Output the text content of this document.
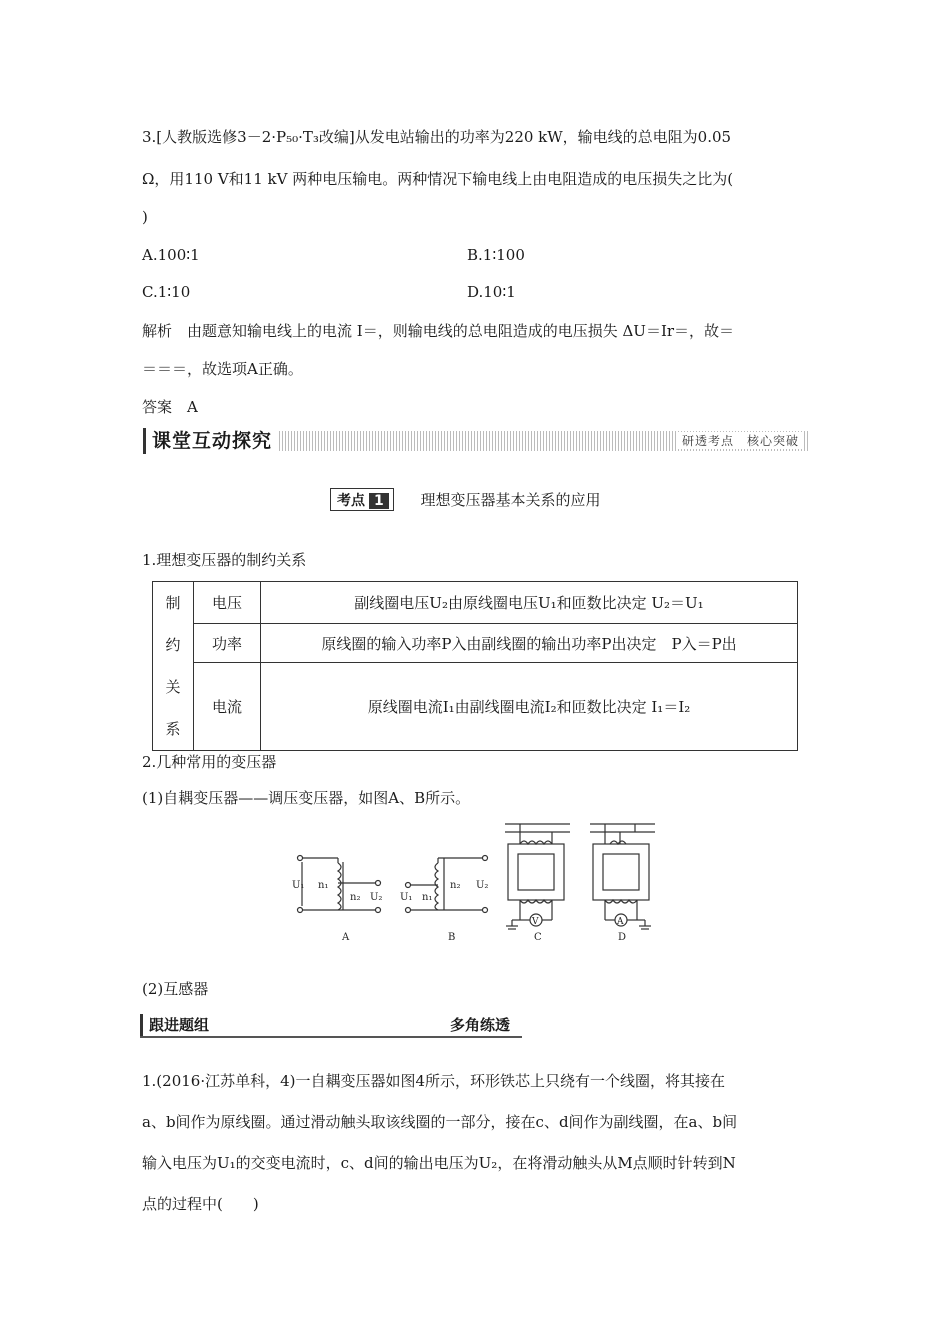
3.[人教版选修3－2·P₅₀·T₃改编]从发电站输出的功率为220 kW，输电线的总电阻为0.05
Ω，用110 V和11 kV 两种电压输电。两种情况下输电线上由电阻造成的电压损失之比为(
)
A.100∶1	B.1∶100
C.1∶10	D.10∶1
解析　由题意知输电线上的电流 I＝，则输电线的总电阻造成的电压损失 ΔU＝Ir＝，故＝
＝＝＝，故选项A正确。
答案　A
课堂互动探究	研透考点　核心突破
考点 1 理想变压器基本关系的应用
1.理想变压器的制约关系
制
约
关
系	电压	副线圈电压U₂由原线圈电压U₁和匝数比决定 U₂＝U₁
	功率	原线圈的输入功率P入由副线圈的输出功率P出决定　P入＝P出
	电流	原线圈电流I₁由副线圈电流I₂和匝数比决定 I₁＝I₂
2.几种常用的变压器
(1)自耦变压器——调压变压器，如图A、B所示。
U₁ n₁
n₂ U₂ U₁ n₁
n₂ U₂
V	A
A	B	C	D
(2)互感器
跟进题组	多角练透
1.(2016·江苏单科，4)一自耦变压器如图4所示，环形铁芯上只绕有一个线圈，将其接在
a、b间作为原线圈。通过滑动触头取该线圈的一部分，接在c、d间作为副线圈，在a、b间
输入电压为U₁的交变电流时，c、d间的输出电压为U₂，在将滑动触头从M点顺时针转到N
点的过程中(　　)
